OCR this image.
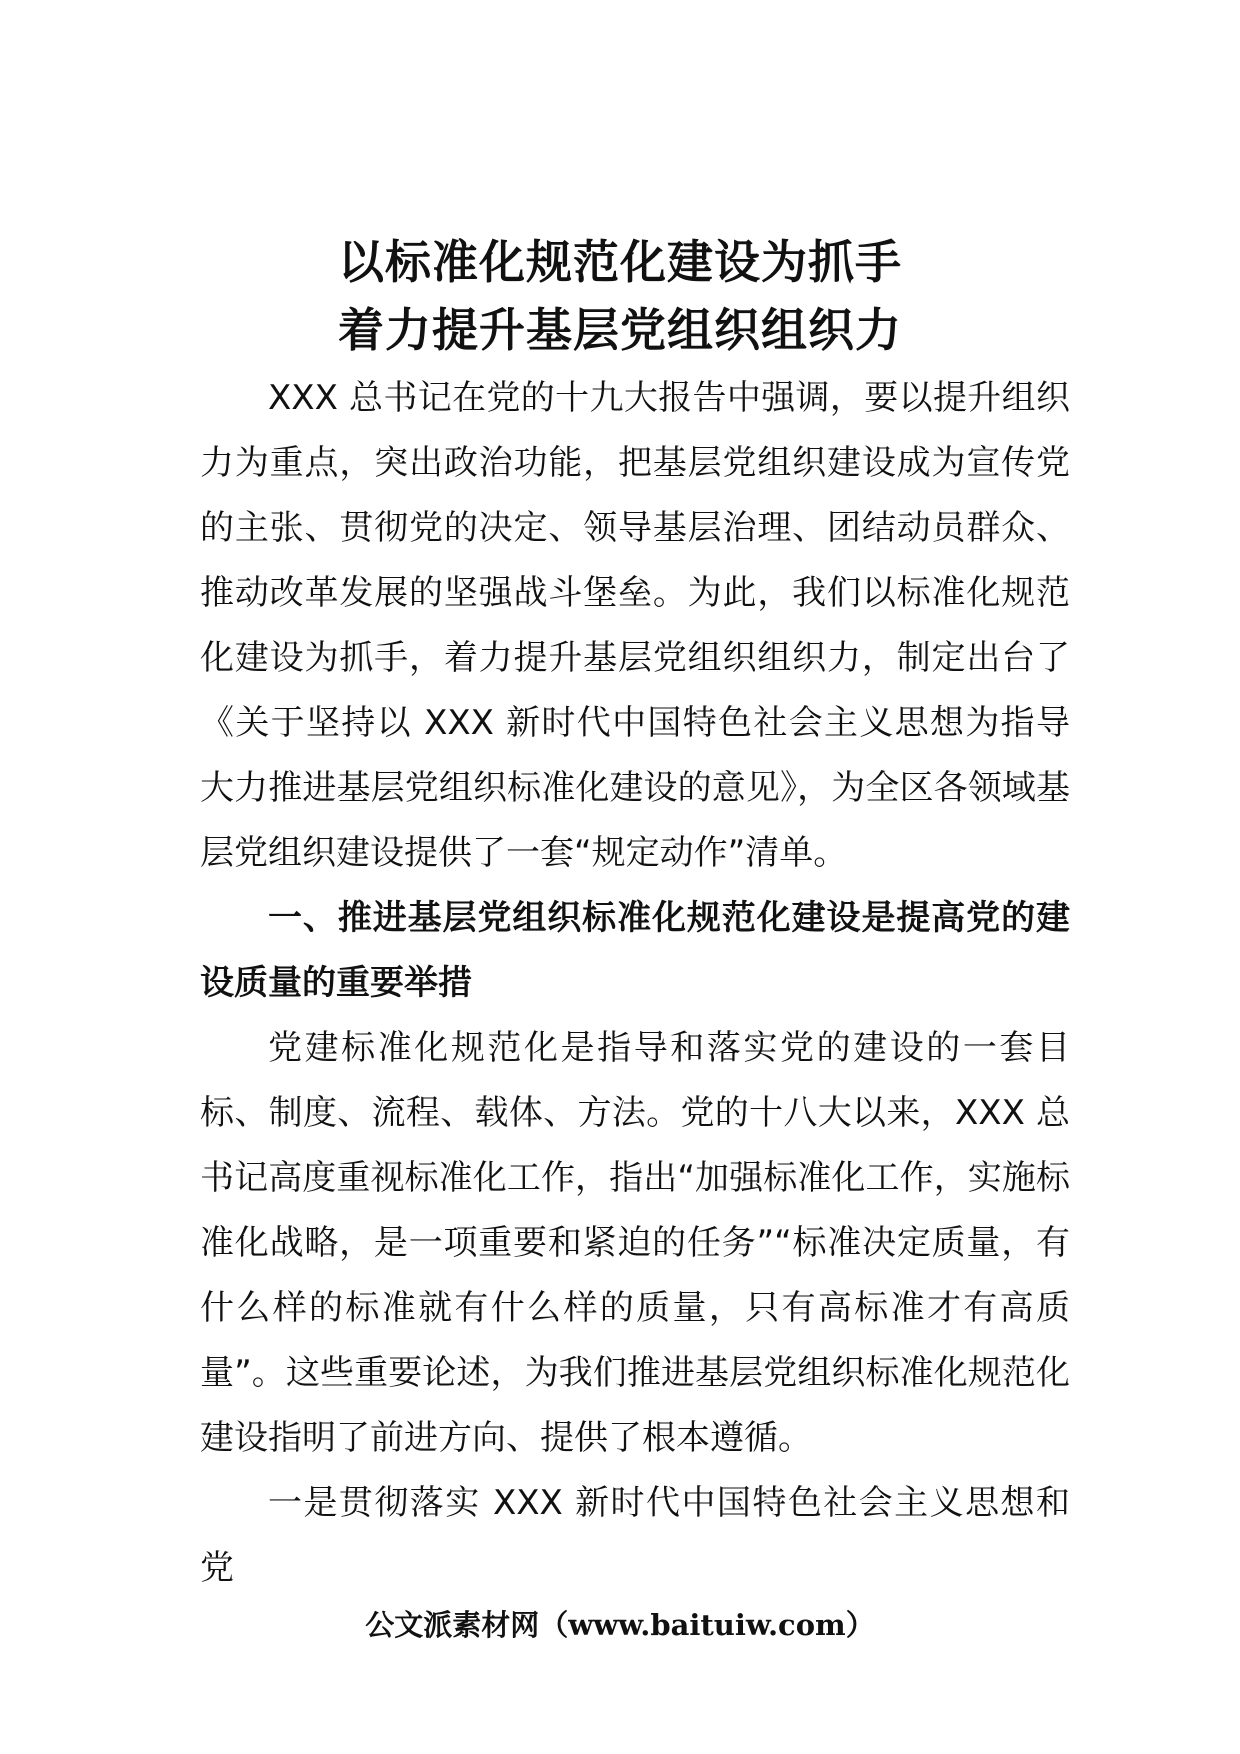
以标准化规范化建设为抓手
着力提升基层党组织组织力

XXX 总书记在党的十九大报告中强调，要以提升组织力为重点，突出政治功能，把基层党组织建设成为宣传党的主张、贯彻党的决定、领导基层治理、团结动员群众、推动改革发展的坚强战斗堡垒。为此，我们以标准化规范化建设为抓手，着力提升基层党组织组织力，制定出台了《关于坚持以 XXX 新时代中国特色社会主义思想为指导大力推进基层党组织标准化建设的意见》，为全区各领域基层党组织建设提供了一套“规定动作”清单。

一、推进基层党组织标准化规范化建设是提高党的建设质量的重要举措

党建标准化规范化是指导和落实党的建设的一套目标、制度、流程、载体、方法。党的十八大以来，XXX 总书记高度重视标准化工作，指出“加强标准化工作，实施标准化战略，是一项重要和紧迫的任务”“标准决定质量，有什么样的标准就有什么样的质量，只有高标准才有高质量”。这些重要论述，为我们推进基层党组织标准化规范化建设指明了前进方向、提供了根本遵循。

一是贯彻落实 XXX 新时代中国特色社会主义思想和党

公文派素材网（www.baituiw.com）
